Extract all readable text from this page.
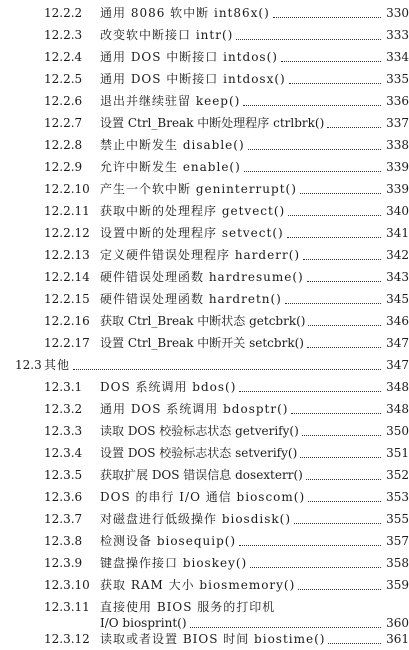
12.2.2	通用 8086 软中断 int86x()	330
12.2.3	改变软中断接口 intr()	333
12.2.4	通用 DOS 中断接口 intdos()	334
12.2.5	通用 DOS 中断接口 intdosx()	335
12.2.6	退出并继续驻留 keep()	336
12.2.7	设置 Ctrl_Break 中断处理程序 ctrlbrk()	337
12.2.8	禁止中断发生 disable()	338
12.2.9	允许中断发生 enable()	339
12.2.10 产生一个软中断 geninterrupt()	339
12.2.11 获取中断的处理程序 getvect()	340
12.2.12 设置中断的处理程序 setvect()	341
12.2.13 定义硬件错误处理程序 harderr()	342
12.2.14 硬件错误处理函数 hardresume()	343
12.2.15 硬件错误处理函数 hardretn()	345
12.2.16 获取 Ctrl_Break 中断状态 getcbrk()	346
12.2.17 设置 Ctrl_Break 中断开关 setcbrk()	347
12.3 其他	347
12.3.1	DOS 系统调用 bdos()	348
12.3.2	通用 DOS 系统调用 bdosptr()	348
12.3.3	读取 DOS 校验标志状态 getverify()	350
12.3.4	设置 DOS 校验标志状态 setverify()	351
12.3.5	获取扩展 DOS 错误信息 dosexterr()	352
12.3.6	DOS 的串行 I/O 通信 bioscom()	353
12.3.7	对磁盘进行低级操作 biosdisk()	355
12.3.8	检测设备 biosequip()	357
12.3.9	键盘操作接口 bioskey()	358
12.3.10 获取 RAM 大小 biosmemory()	359
12.3.11 直接使用 BIOS 服务的打印机
I/O biosprint()	360
12.3.12 读取或者设置 BIOS 时间 biostime()	361
